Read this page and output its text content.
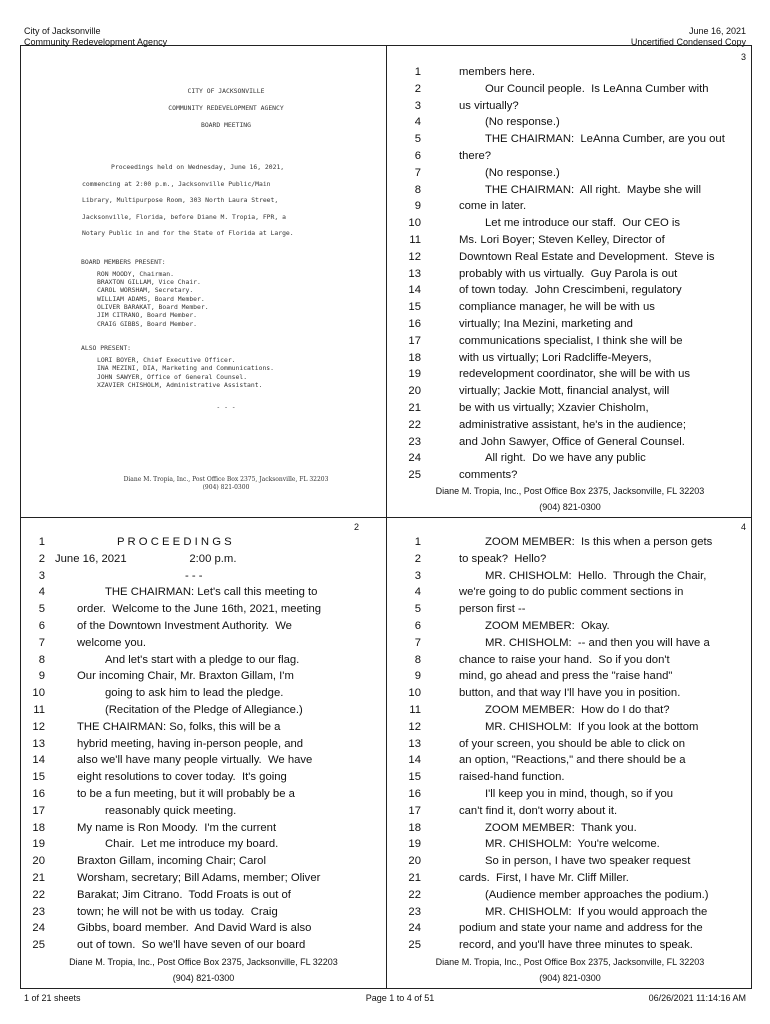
City of Jacksonville
Community Redevelopment Agency
June 16, 2021
Uncertified Condensed Copy
CITY OF JACKSONVILLE
COMMUNITY REDEVELOPMENT AGENCY
BOARD MEETING
Proceedings held on Wednesday, June 16, 2021,
commencing at 2:00 p.m., Jacksonville Public/Main
Library, Multipurpose Room, 303 North Laura Street,
Jacksonville, Florida, before Diane M. Tropia, FPR, a
Notary Public in and for the State of Florida at Large.
BOARD MEMBERS PRESENT:
RON MOODY, Chairman.
BRAXTON GILLAM, Vice Chair.
CAROL WORSHAM, Secretary.
WILLIAM ADAMS, Board Member.
OLIVER BARAKAT, Board Member.
JIM CITRANO, Board Member.
CRAIG GIBBS, Board Member.
ALSO PRESENT:
LORI BOYER, Chief Executive Officer.
INA MEZINI, DIA, Marketing and Communications.
JOHN SAWYER, Office of General Counsel.
XZAVIER CHISHOLM, Administrative Assistant.
- - -
Diane M. Tropia, Inc., Post Office Box 2375, Jacksonville, FL 32203
(904) 821-0300
3
1	members here.
2	Our Council people.  Is LeAnna Cumber with
3	us virtually?
4	(No response.)
5	THE CHAIRMAN:  LeAnna Cumber, are you out
6	there?
7	(No response.)
8	THE CHAIRMAN:  All right.  Maybe she will
9	come in later.
10	Let me introduce our staff.  Our CEO is
11	Ms. Lori Boyer; Steven Kelley, Director of
12	Downtown Real Estate and Development.  Steve is
13	probably with us virtually.  Guy Parola is out
14	of town today.  John Crescimbeni, regulatory
15	compliance manager, he will be with us
16	virtually; Ina Mezini, marketing and
17	communications specialist, I think she will be
18	with us virtually; Lori Radcliffe-Meyers,
19	redevelopment coordinator, she will be with us
20	virtually; Jackie Mott, financial analyst, will
21	be with us virtually; Xzavier Chisholm,
22	administrative assistant, he's in the audience;
23	and John Sawyer, Office of General Counsel.
24	All right.  Do we have any public
25	comments?
Diane M. Tropia, Inc., Post Office Box 2375, Jacksonville, FL 32203
(904) 821-0300
2
1	P R O C E E D I N G S
2 June 16, 2021                    2:00 p.m.
3	- - -
4	THE CHAIRMAN: Let's call this meeting to
5	order.  Welcome to the June 16th, 2021, meeting
6	of the Downtown Investment Authority.  We
7	welcome you.
8	And let's start with a pledge to our flag.
9	Our incoming Chair, Mr. Braxton Gillam, I'm
10	going to ask him to lead the pledge.
11	(Recitation of the Pledge of Allegiance.)
12	THE CHAIRMAN: So, folks, this will be a
13	hybrid meeting, having in-person people, and
14	also we'll have many people virtually.  We have
15	eight resolutions to cover today.  It's going
16	to be a fun meeting, but it will probably be a
17	reasonably quick meeting.
18	My name is Ron Moody.  I'm the current
19	Chair.  Let me introduce my board.
20	Braxton Gillam, incoming Chair; Carol
21	Worsham, secretary; Bill Adams, member; Oliver
22	Barakat; Jim Citrano.  Todd Froats is out of
23	town; he will not be with us today.  Craig
24	Gibbs, board member.  And David Ward is also
25	out of town.  So we'll have seven of our board
Diane M. Tropia, Inc., Post Office Box 2375, Jacksonville, FL 32203
(904) 821-0300
4
1	ZOOM MEMBER:  Is this when a person gets
2	to speak?  Hello?
3	MR. CHISHOLM:  Hello.  Through the Chair,
4	we're going to do public comment sections in
5	person first --
6	ZOOM MEMBER:  Okay.
7	MR. CHISHOLM:  -- and then you will have a
8	chance to raise your hand.  So if you don't
9	mind, go ahead and press the "raise hand"
10	button, and that way I'll have you in position.
11	ZOOM MEMBER:  How do I do that?
12	MR. CHISHOLM:  If you look at the bottom
13	of your screen, you should be able to click on
14	an option, "Reactions," and there should be a
15	raised-hand function.
16	I'll keep you in mind, though, so if you
17	can't find it, don't worry about it.
18	ZOOM MEMBER:  Thank you.
19	MR. CHISHOLM:  You're welcome.
20	So in person, I have two speaker request
21	cards.  First, I have Mr. Cliff Miller.
22	(Audience member approaches the podium.)
23	MR. CHISHOLM:  If you would approach the
24	podium and state your name and address for the
25	record, and you'll have three minutes to speak.
Diane M. Tropia, Inc., Post Office Box 2375, Jacksonville, FL 32203
(904) 821-0300
1 of 21 sheets	Page 1 to 4 of 51	06/26/2021 11:14:16 AM
